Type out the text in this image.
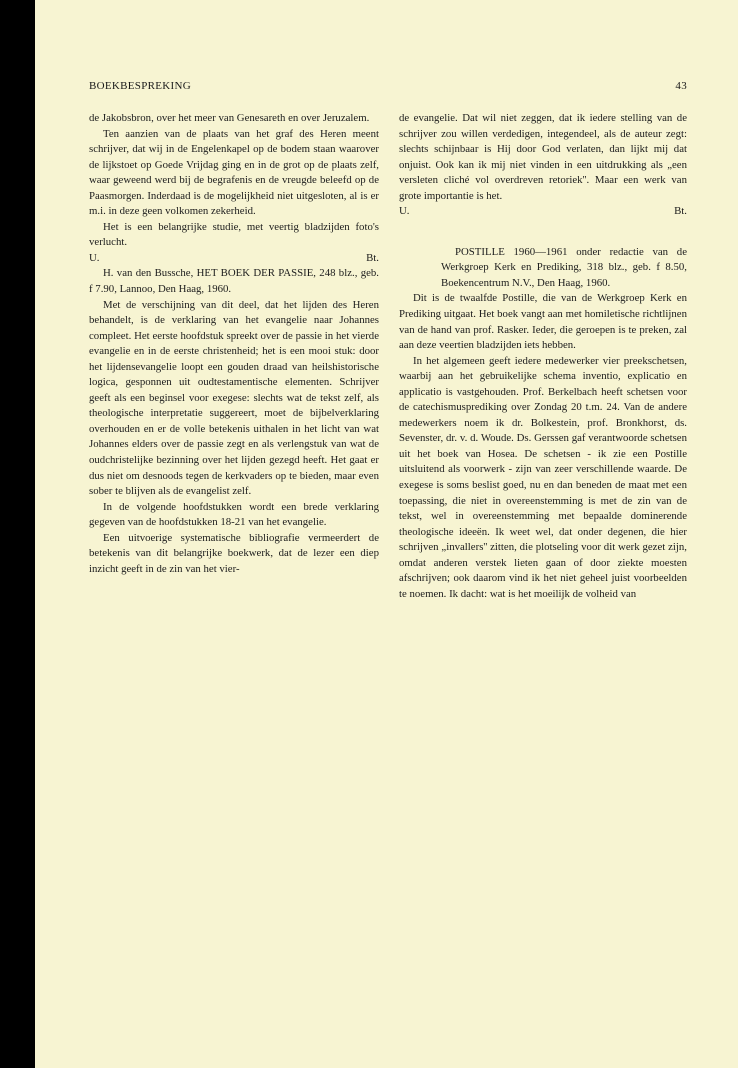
BOEKBESPREKING	43

de Jakobsbron, over het meer van Genesareth en over Jeruzalem.

Ten aanzien van de plaats van het graf des Heren meent schrijver, dat wij in de Engelenkapel op de bodem staan waarover de lijkstoet op Goede Vrijdag ging en in de grot op de plaats zelf, waar geweend werd bij de begrafenis en de vreugde beleefd op de Paasmorgen. Inderdaad is de mogelijkheid niet uitgesloten, al is er m.i. in deze geen volkomen zekerheid.

Het is een belangrijke studie, met veertig bladzijden foto's verlucht.

U.	Bt.

H. van den Bussche, HET BOEK DER PASSIE, 248 blz., geb. f 7.90, Lannoo, Den Haag, 1960.

Met de verschijning van dit deel, dat het lijden des Heren behandelt, is de verklaring van het evangelie naar Johannes compleet. Het eerste hoofdstuk spreekt over de passie in het vierde evangelie en in de eerste christenheid; het is een mooi stuk: door het lijdensevangelie loopt een gouden draad van heilshistorische logica, gesponnen uit oudtestamentische elementen. Schrijver geeft als een beginsel voor exegese: slechts wat de tekst zelf, als theologische interpretatie suggereert, moet de bijbelverklaring overhouden en er de volle betekenis uithalen in het licht van wat Johannes elders over de passie zegt en als verlengstuk van wat de oudchristelijke bezinning over het lijden gezegd heeft. Het gaat er dus niet om desnoods tegen de kerkvaders op te bieden, maar even sober te blijven als de evangelist zelf.

In de volgende hoofdstukken wordt een brede verklaring gegeven van de hoofdstukken 18-21 van het evangelie.

Een uitvoerige systematische bibliografie vermeerdert de betekenis van dit belangrijke boekwerk, dat de lezer een diep inzicht geeft in de zin van het vier-

de evangelie. Dat wil niet zeggen, dat ik iedere stelling van de schrijver zou willen verdedigen, integendeel, als de auteur zegt: slechts schijnbaar is Hij door God verlaten, dan lijkt mij dat onjuist. Ook kan ik mij niet vinden in een uitdrukking als „een versleten cliché vol overdreven retoriek''. Maar een werk van grote importantie is het.

U.	Bt.

POSTILLE 1960—1961 onder redactie van de Werkgroep Kerk en Prediking, 318 blz., geb. f 8.50, Boekencentrum N.V., Den Haag, 1960.

Dit is de twaalfde Postille, die van de Werkgroep Kerk en Prediking uitgaat. Het boek vangt aan met homiletische richtlijnen van de hand van prof. Rasker. Ieder, die geroepen is te preken, zal aan deze veertien bladzijden iets hebben.

In het algemeen geeft iedere medewerker vier preekschetsen, waarbij aan het gebruikelijke schema inventio, explicatio en applicatio is vastgehouden. Prof. Berkelbach heeft schetsen voor de catechismusprediking over Zondag 20 t.m. 24. Van de andere medewerkers noem ik dr. Bolkestein, prof. Bronkhorst, ds. Sevenster, dr. v. d. Woude. Ds. Gerssen gaf verantwoorde schetsen uit het boek van Hosea. De schetsen - ik zie een Postille uitsluitend als voorwerk - zijn van zeer verschillende waarde. De exegese is soms beslist goed, nu en dan beneden de maat met een toepassing, die niet in overeenstemming is met de zin van de tekst, wel in overeenstemming met bepaalde dominerende theologische ideeën. Ik weet wel, dat onder degenen, die hier schrijven „invallers'' zitten, die plotseling voor dit werk gezet zijn, omdat anderen verstek lieten gaan of door ziekte moesten afschrijven; ook daarom vind ik het niet geheel juist voorbeelden te noemen. Ik dacht: wat is het moeilijk de volheid van
